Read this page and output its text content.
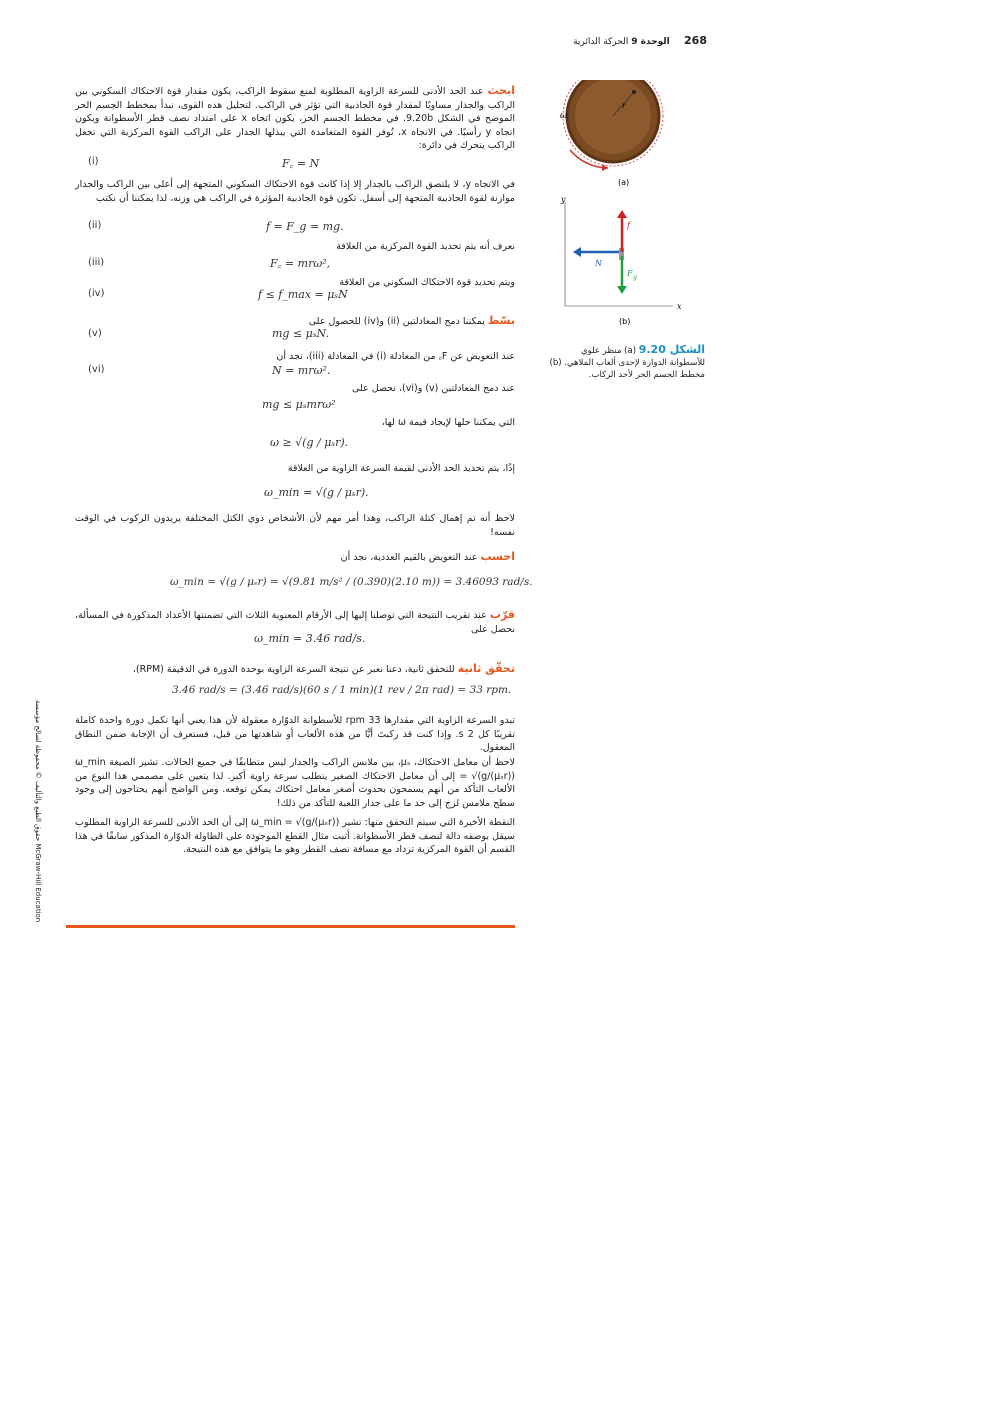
268     الوحدة 9 الحركة الدائرية
حقوق الطبع والتأليف © محفوظة لصالح مؤسسة McGraw-Hill Education
ابحث عند الحد الأدنى للسرعة الزاوية المطلوبة لمنع سقوط الراكب، يكون مقدار قوة الاحتكاك السكوني بين الراكب والجدار مساويًا لمقدار قوة الجاذبية التي تؤثر في الراكب. لتحليل هذه القوى، نبدأ بمخطط الجسم الحر الموضح في الشكل 9.20b. في مخطط الجسم الحر، يكون اتجاه x على امتداد نصف قطر الأسطوانة ويكون اتجاه y رأسيًا. في الاتجاه x، تُوفر القوة المتعامدة التي يبذلها الجدار على الراكب القوة المركزية التي تجعل الراكب يتحرك في دائرة:
F꜀ = N
(i)
في الاتجاه y، لا يلتصق الراكب بالجدار إلا إذا كانت قوة الاحتكاك السكوني المتجهة إلى أعلى بين الراكب والجدار موازنة لقوة الجاذبية المتجهة إلى أسفل. تكون قوة الجاذبية المؤثرة في الراكب هي وزنه، لذا يمكننا أن نكتب
f = F_g = mg.
(ii)
نعرف أنه يتم تحديد القوة المركزية من العلاقة
F꜀ = mrω²,
(iii)
ويتم تحديد قوة الاحتكاك السكوني من العلاقة
f ≤ f_max = μₛN
(iv)
بسّط يمكننا دمج المعادلتين (ii) و(iv) للحصول على
mg ≤ μₛN.
(v)
عند التعويض عن F꜀ من المعادلة (i) في المعادلة (iii)، نجد أن
N = mrω².
(vi)
عند دمج المعادلتين (v) و(vi)، نحصل على
mg ≤ μₛmrω²
التي يمكننا حلها لإيجاد قيمة ω لها،
ω ≥ √(g / μₛr).
إذًا، يتم تحديد الحد الأدنى لقيمة السرعة الزاوية من العلاقة
ω_min = √(g / μₛr).
لاحظ أنه تم إهمال كتلة الراكب، وهذا أمر مهم لأن الأشخاص ذوي الكتل المختلفة يريدون الركوب في الوقت نفسه!
احسب عند التعويض بالقيم العددية، نجد أن
ω_min = √(g / μₛr) = √(9.81 m/s² / (0.390)(2.10 m)) = 3.46093 rad/s.
قرّب عند تقريب النتيجة التي توصلنا إليها إلى الأرقام المعنوية الثلاث التي تضمنتها الأعداد المذكورة في المسألة، نحصل على
ω_min = 3.46 rad/s.
تحقّق ثانية للتحقق ثانية، دعنا نعبر عن نتيجة السرعة الزاوية بوحدة الدورة في الدقيقة (RPM)،
3.46 rad/s = (3.46 rad/s)(60 s / 1 min)(1 rev / 2π rad) = 33 rpm.
تبدو السرعة الزاوية التي مقدارها 33 rpm للأسطوانة الدوّارة معقولة لأن هذا يعني أنها تكمل دورة واحدة كاملة تقريبًا كل 2 s. وإذا كنت قد ركبتَ أيًّا من هذه الألعاب أو شاهدتها من قبل، فستعرف أن الإجابة ضمن النطاق المعقول.
لاحظ أن معامل الاحتكاك، μₛ، بين ملابس الراكب والجدار ليس متطابقًا في جميع الحالات. تشير الصيغة ω_min = √(g/(μₛr)) إلى أن معامل الاحتكاك الصغير يتطلب سرعة زاوية أكبر. لذا يتعين على مصممي هذا النوع من الألعاب التأكد من أنهم يسمحون بحدوث أصغر معامل احتكاك يمكن توقعه. ومن الواضح أنهم يحتاجون إلى وجود سطح ملامس لزج إلى حد ما على جدار اللعبة للتأكد من ذلك!
النقطة الأخيرة التي سيتم التحقق منها: تشير ω_min = √(g/(μₛr)) إلى أن الحد الأدنى للسرعة الزاوية المطلوب سيقل بوصفه دالة لنصف قطر الأسطوانة. أثبت مثال القطع الموجودة على الطاولة الدوّارة المذكور سابقًا في هذا القسم أن القوة المركزية تزداد مع مسافة نصف القطر وهو ما يتوافق مع هذه النتيجة.
ω
r
(a)
y
x
f
N
F g
(b)
الشكل 9.20 (a) منظر علوي للأسطوانة الدوارة لإحدى ألعاب الملاهي. (b) مخطط الجسم الحر لأحد الركاب.
